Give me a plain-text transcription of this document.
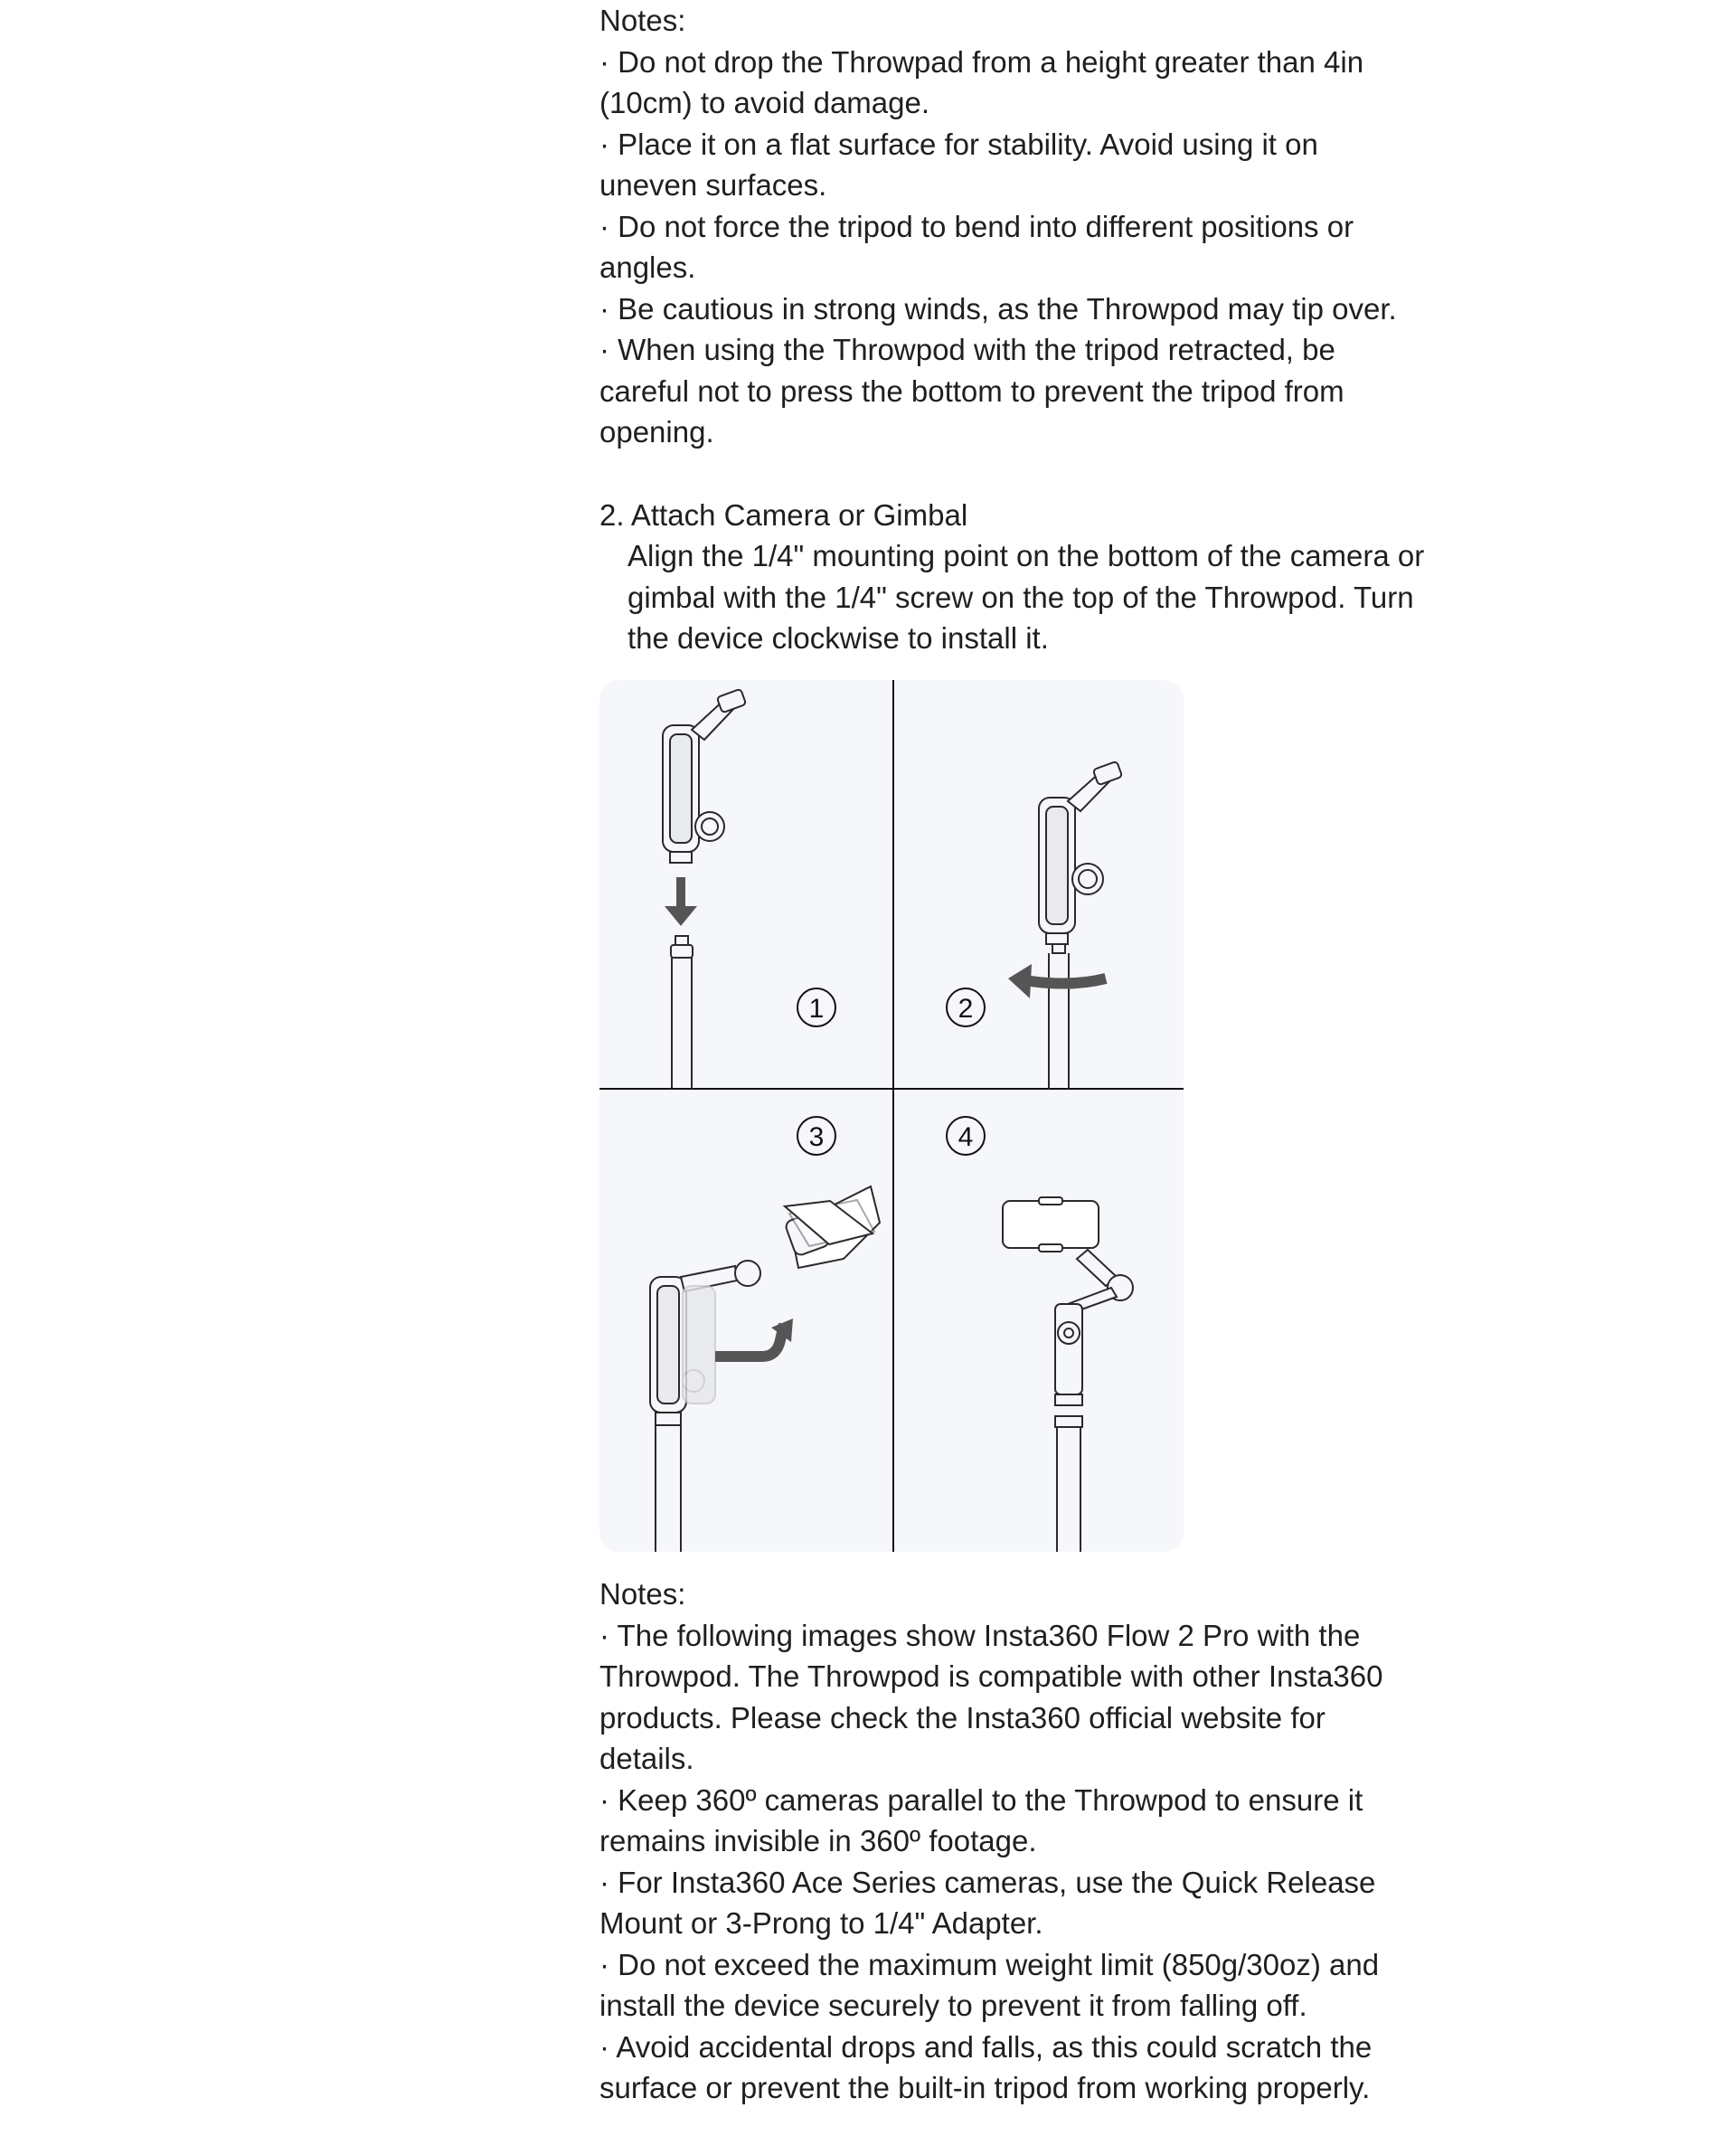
Notes:
· Do not drop the Throwpad from a height greater than 4in
(10cm) to avoid damage.
· Place it on a flat surface for stability. Avoid using it on
uneven surfaces.
· Do not force the tripod to bend into different positions or
angles.
· Be cautious in strong winds, as the Throwpod may tip over.
· When using the Throwpod with the tripod retracted, be
careful not to press the bottom to prevent the tripod from
opening.
2. Attach Camera or Gimbal
Align the 1/4" mounting point on the bottom of the camera or
gimbal with the 1/4" screw on the top of the Throwpod. Turn
the device clockwise to install it.
1	2
3	4
Notes:
· The following images show Insta360 Flow 2 Pro with the
Throwpod. The Throwpod is compatible with other Insta360
products. Please check the Insta360 official website for
details.
· Keep 360º cameras parallel to the Throwpod to ensure it
remains invisible in 360º footage.
· For Insta360 Ace Series cameras, use the Quick Release
Mount or 3-Prong to 1/4" Adapter.
· Do not exceed the maximum weight limit (850g/30oz) and
install the device securely to prevent it from falling off.
· Avoid accidental drops and falls, as this could scratch the
surface or prevent the built-in tripod from working properly.
